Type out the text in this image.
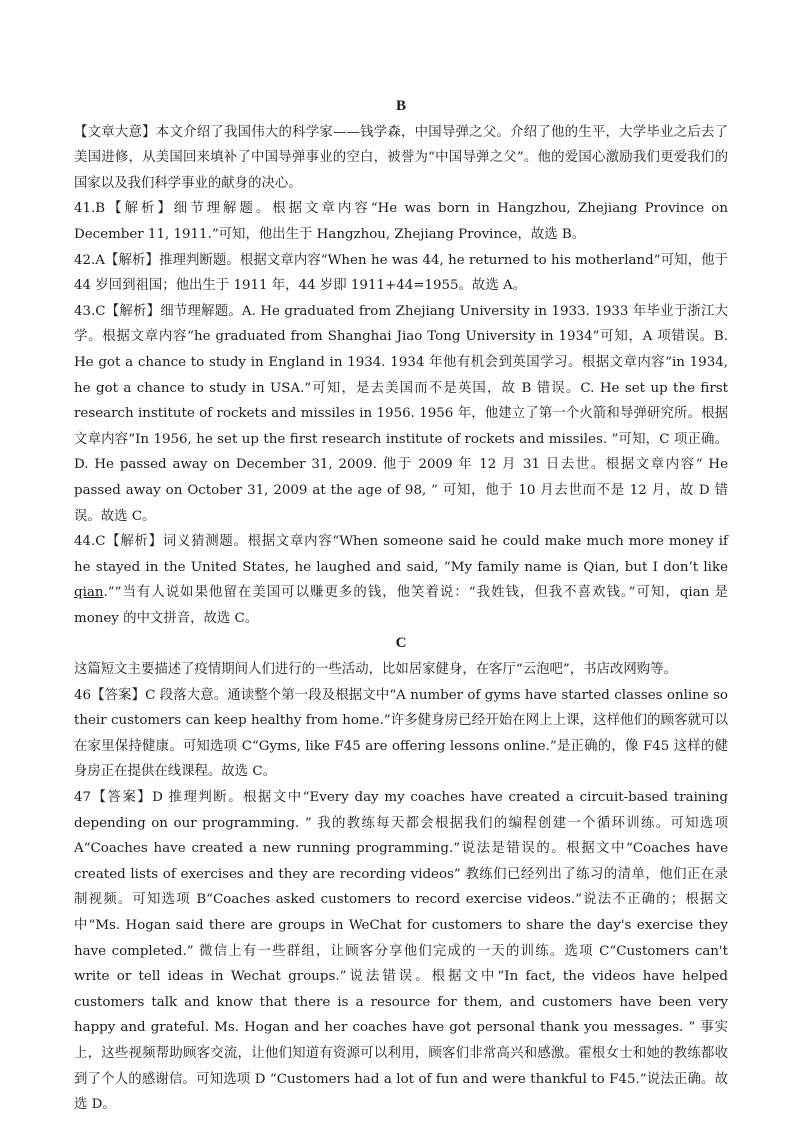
B

【文章大意】本文介绍了我国伟大的科学家——钱学森，中国导弹之父。介绍了他的生平，大学毕业之后去了美国进修，从美国回来填补了中国导弹事业的空白，被誉为“中国导弹之父”。他的爱国心激励我们更爱我们的国家以及我们科学事业的献身的决心。

41.B【解析】细节理解题。根据文章内容“He was born in Hangzhou, Zhejiang Province on December 11, 1911.”可知，他出生于 Hangzhou, Zhejiang Province，故选 B。

42.A【解析】推理判断题。根据文章内容“When he was 44, he returned to his motherland”可知，他于 44 岁回到祖国；他出生于 1911 年，44 岁即 1911+44=1955。故选 A。

43.C【解析】细节理解题。A. He graduated from Zhejiang University in 1933. 1933 年毕业于浙江大学。根据文章内容“he graduated from Shanghai Jiao Tong University in 1934”可知，A 项错误。B. He got a chance to study in England in 1934. 1934 年他有机会到英国学习。根据文章内容“in 1934, he got a chance to study in USA.”可知，是去美国而不是英国，故 B 错误。C. He set up the first research institute of rockets and missiles in 1956. 1956 年，他建立了第一个火箭和导弹研究所。根据文章内容“In 1956, he set up the first research institute of rockets and missiles. ”可知，C 项正确。D. He passed away on December 31, 2009. 他于 2009 年 12 月 31 日去世。根据文章内容“ He passed away on October 31, 2009 at the age of 98, ” 可知，他于 10 月去世而不是 12 月，故 D 错误。故选 C。

44.C【解析】词义猜测题。根据文章内容“When someone said he could make much more money if he stayed in the United States, he laughed and said, “My family name is Qian, but I don’t like qian.””当有人说如果他留在美国可以赚更多的钱，他笑着说：“我姓钱，但我不喜欢钱。”可知，qian 是 money 的中文拼音，故选 C。

C

这篇短文主要描述了疫情期间人们进行的一些活动，比如居家健身，在客厅“云泡吧”，书店改网购等。

46【答案】C 段落大意。通读整个第一段及根据文中“A number of gyms have started classes online so their customers can keep healthy from home.”许多健身房已经开始在网上上课，这样他们的顾客就可以在家里保持健康。可知选项 C“Gyms, like F45 are offering lessons online.”是正确的，像 F45 这样的健身房正在提供在线课程。故选 C。

47【答案】D 推理判断。根据文中“Every day my coaches have created a circuit-based training depending on our programming. ” 我的教练每天都会根据我们的编程创建一个循环训练。可知选项 A“Coaches have created a new running programming.”说法是错误的。根据文中“Coaches have created lists of exercises and they are recording videos” 教练们已经列出了练习的清单，他们正在录制视频。可知选项 B“Coaches asked customers to record exercise videos.”说法不正确的；根据文中“Ms. Hogan said there are groups in WeChat for customers to share the day's exercise they have completed.” 微信上有一些群组，让顾客分享他们完成的一天的训练。选项 C“Customers can't write or tell ideas in Wechat groups.”说法错误。根据文中“In fact, the videos have helped customers talk and know that there is a resource for them, and customers have been very happy and grateful. Ms. Hogan and her coaches have got personal thank you messages. ” 事实上，这些视频帮助顾客交流，让他们知道有资源可以利用，顾客们非常高兴和感激。霍根女士和她的教练都收到了个人的感谢信。可知选项 D “Customers had a lot of fun and were thankful to F45.”说法正确。故选 D。
